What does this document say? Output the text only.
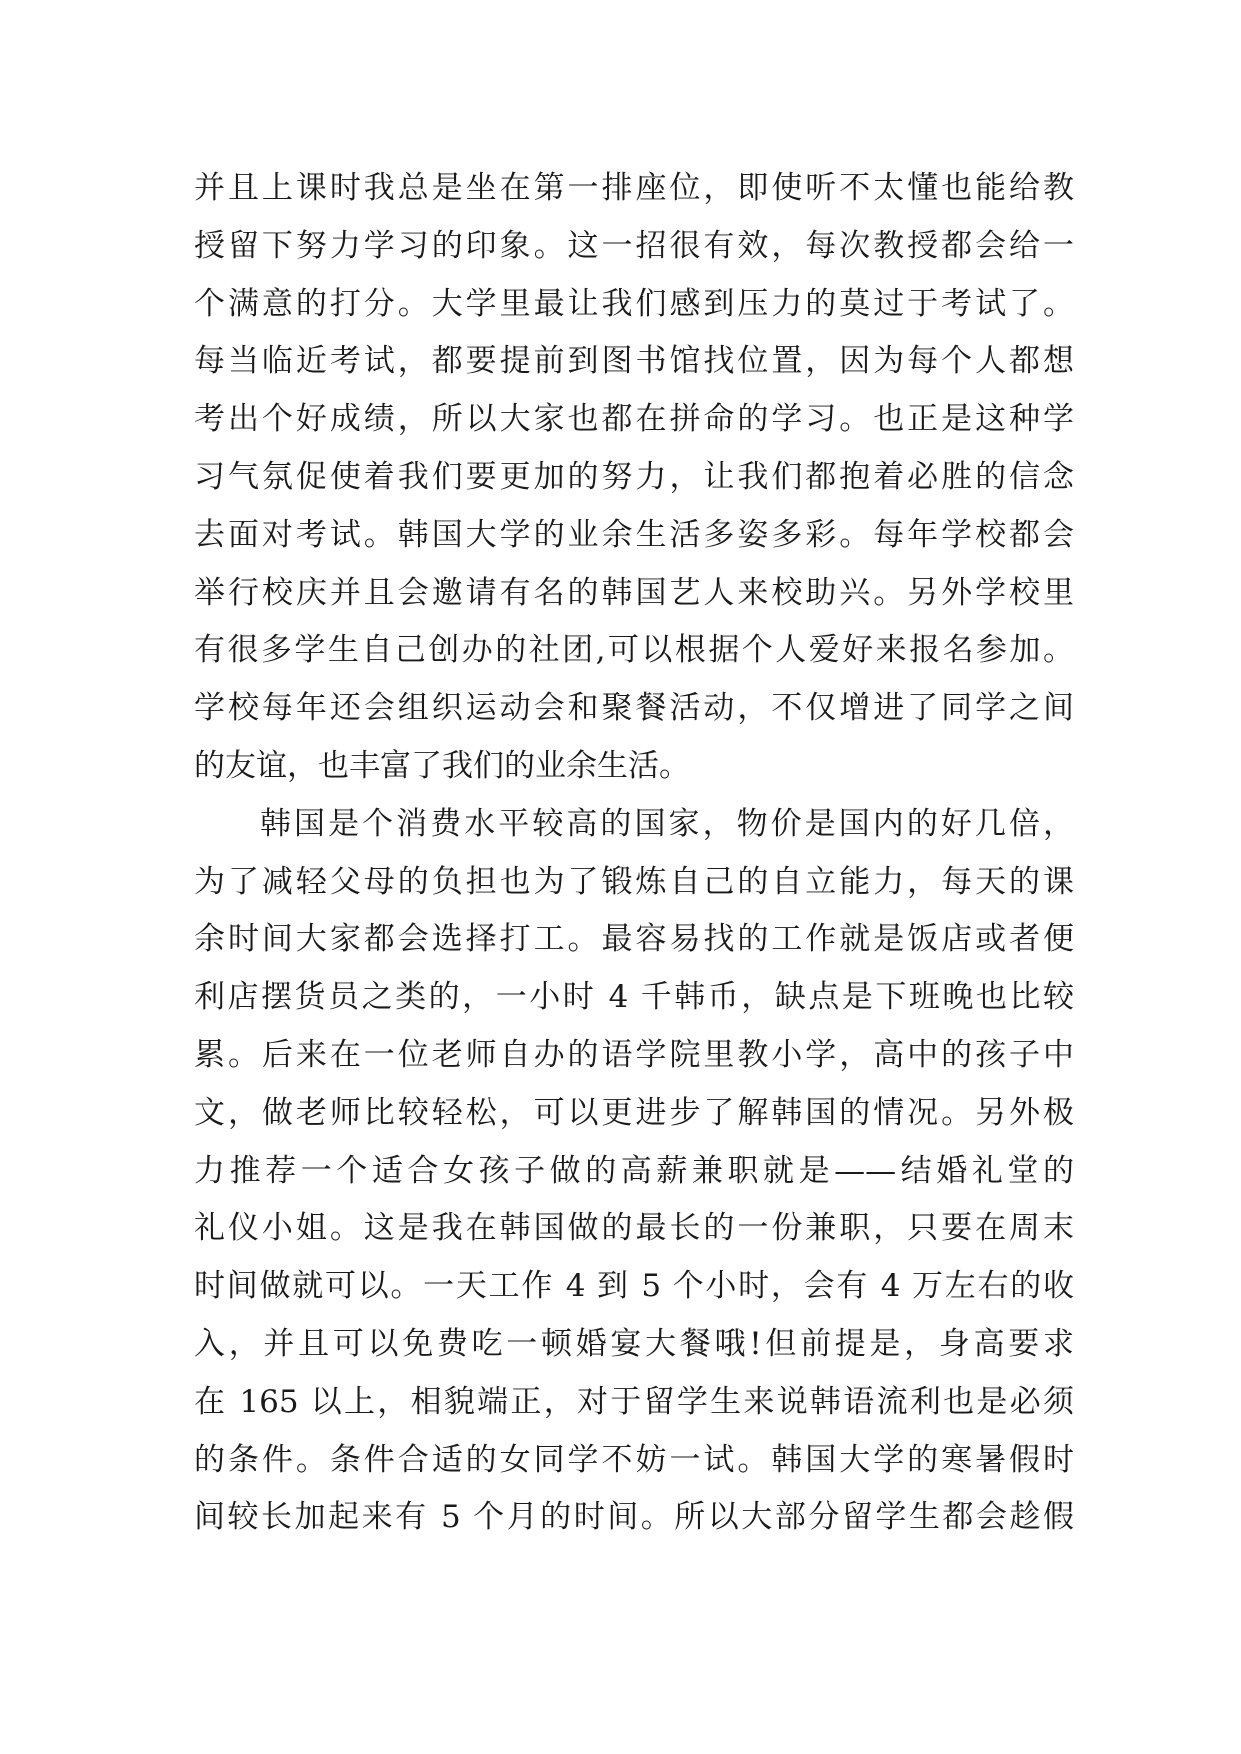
并且上课时我总是坐在第一排座位，即使听不太懂也能给教
授留下努力学习的印象。这一招很有效，每次教授都会给一
个满意的打分。大学里最让我们感到压力的莫过于考试了。
每当临近考试，都要提前到图书馆找位置，因为每个人都想
考出个好成绩，所以大家也都在拼命的学习。也正是这种学
习气氛促使着我们要更加的努力，让我们都抱着必胜的信念
去面对考试。韩国大学的业余生活多姿多彩。每年学校都会
举行校庆并且会邀请有名的韩国艺人来校助兴。另外学校里
有很多学生自己创办的社团,可以根据个人爱好来报名参加。
学校每年还会组织运动会和聚餐活动，不仅增进了同学之间
的友谊，也丰富了我们的业余生活。
韩国是个消费水平较高的国家，物价是国内的好几倍，
为了减轻父母的负担也为了锻炼自己的自立能力，每天的课
余时间大家都会选择打工。最容易找的工作就是饭店或者便
利店摆货员之类的，一小时 4 千韩币，缺点是下班晚也比较
累。后来在一位老师自办的语学院里教小学，高中的孩子中
文，做老师比较轻松，可以更进步了解韩国的情况。另外极
力推荐一个适合女孩子做的高薪兼职就是——结婚礼堂的
礼仪小姐。这是我在韩国做的最长的一份兼职，只要在周末
时间做就可以。一天工作 4 到 5 个小时，会有 4 万左右的收
入，并且可以免费吃一顿婚宴大餐哦!但前提是，身高要求
在 165 以上，相貌端正，对于留学生来说韩语流利也是必须
的条件。条件合适的女同学不妨一试。韩国大学的寒暑假时
间较长加起来有 5 个月的时间。所以大部分留学生都会趁假
